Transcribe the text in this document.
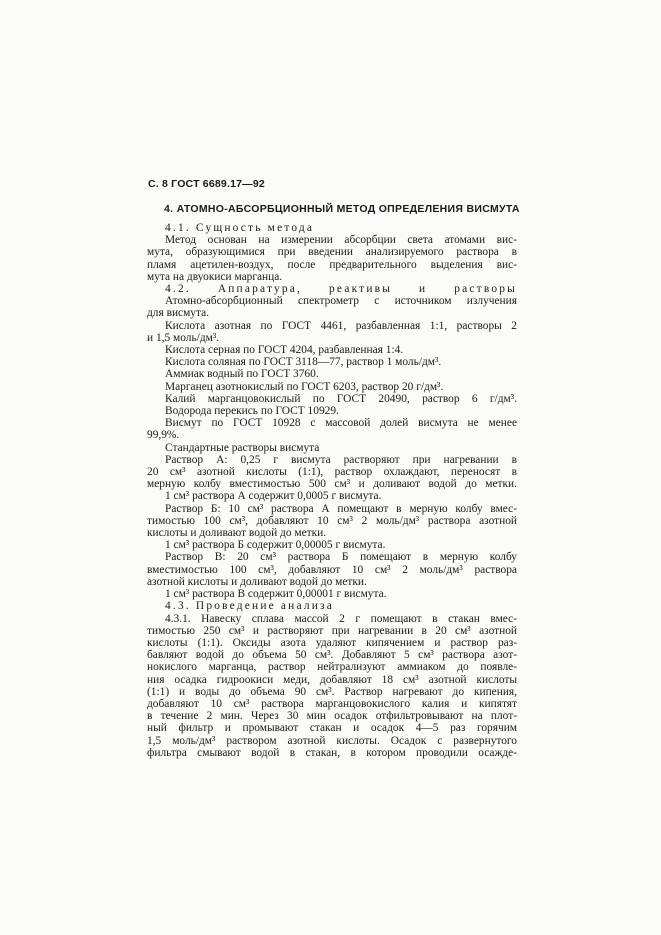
С. 8 ГОСТ 6689.17—92
4. АТОМНО-АБСОРБЦИОННЫЙ МЕТОД ОПРЕДЕЛЕНИЯ ВИСМУТА
4.1. Сущность метода
Метод основан на измерении абсорбции света атомами вис-
мута, образующимися при введении анализируемого раствора в
пламя ацетилен-воздух, после предварительного выделения вис-
мута на двуокиси марганца.
4.2. Аппаратура, реактивы и растворы
Атомно-абсорбционный спектрометр с источником излучения
для висмута.
Кислота азотная по ГОСТ 4461, разбавленная 1:1, растворы 2
и 1,5 моль/дм³.
Кислота серная по ГОСТ 4204, разбавленная 1:4.
Кислота соляная по ГОСТ 3118—77, раствор 1 моль/дм³.
Аммиак водный по ГОСТ 3760.
Марганец азотнокислый по ГОСТ 6203, раствор 20 г/дм³.
Калий марганцовокислый по ГОСТ 20490, раствор 6 г/дм³.
Водорода перекись по ГОСТ 10929.
Висмут по ГОСТ 10928 с массовой долей висмута не менее
99,9%.
Стандартные растворы висмута
Раствор А: 0,25 г висмута растворяют при нагревании в
20 см³ азотной кислоты (1:1), раствор охлаждают, переносят в
мерную колбу вместимостью 500 см³ и доливают водой до метки.
1 см³ раствора А содержит 0,0005 г висмута.
Раствор Б: 10 см³ раствора А помещают в мерную колбу вмес-
тимостью 100 см³, добавляют 10 см³ 2 моль/дм³ раствора азотной
кислоты и доливают водой до метки.
1 см³ раствора Б содержит 0,00005 г висмута.
Раствор В: 20 см³ раствора Б помещают в мерную колбу
вместимостью 100 см³, добавляют 10 см³ 2 моль/дм³ раствора
азотной кислоты и доливают водой до метки.
1 см³ раствора В содержит 0,00001 г висмута.
4.3. Проведение анализа
4.3.1. Навеску сплава массой 2 г помещают в стакан вмес-
тимостью 250 см³ и растворяют при нагревании в 20 см³ азотной
кислоты (1:1). Оксиды азота удаляют кипячением и раствор раз-
бавляют водой до объема 50 см³. Добавляют 5 см³ раствора азот-
нокислого марганца, раствор нейтрализуют аммиаком до появле-
ния осадка гидроокиси меди, добавляют 18 см³ азотной кислоты
(1:1) и воды до объема 90 см³. Раствор нагревают до кипения,
добавляют 10 см³ раствора марганцовокислого калия и кипятят
в течение 2 мин. Через 30 мин осадок отфильтровывают на плот-
ный фильтр и промывают стакан и осадок 4—5 раз горячим
1,5 моль/дм³ раствором азотной кислоты. Осадок с развернутого
фильтра смывают водой в стакан, в котором проводили осажде-
